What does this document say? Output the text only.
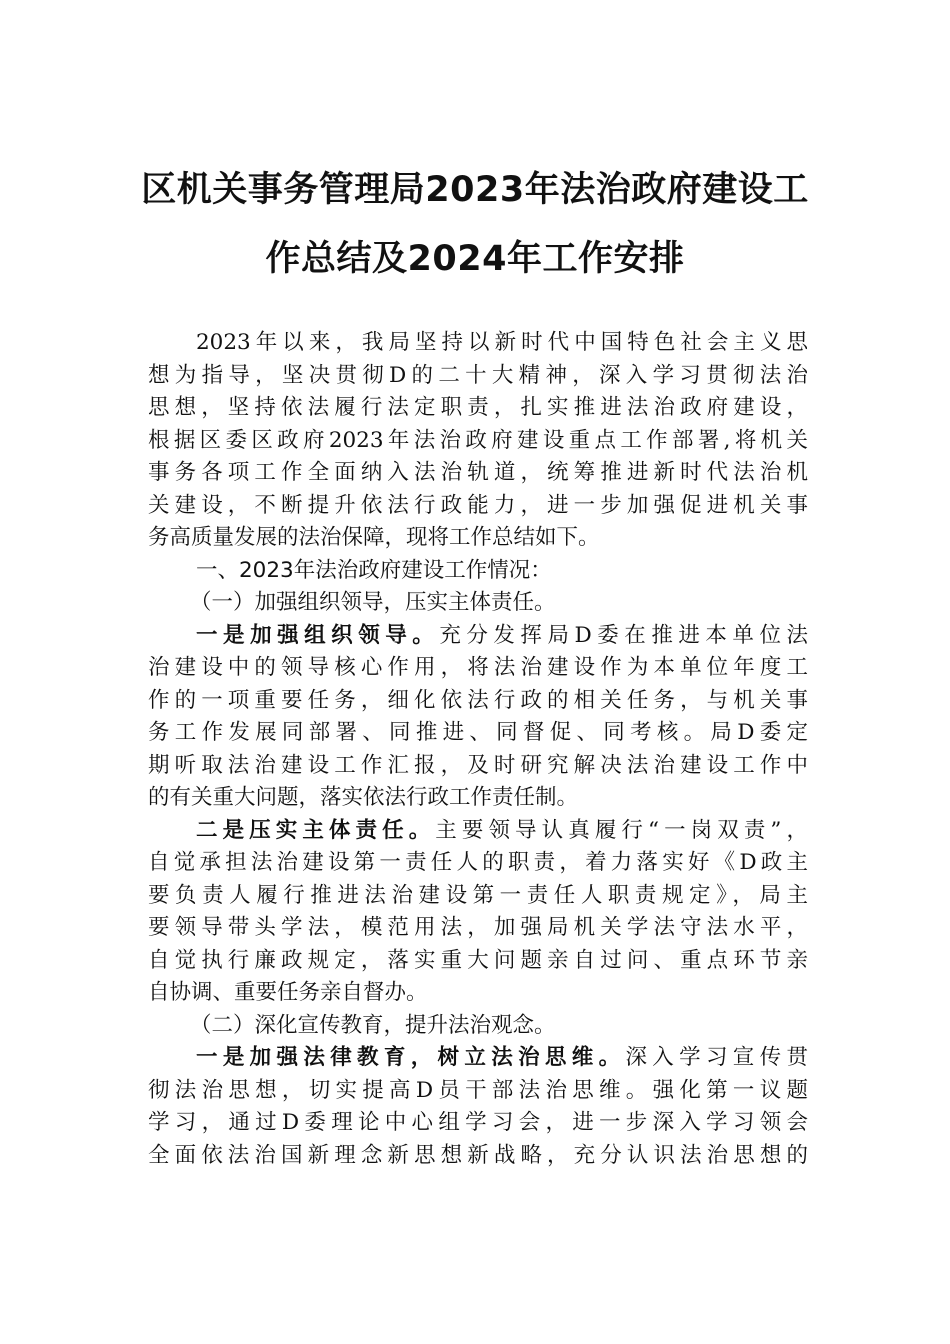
区机关事务管理局2023年法治政府建设工
作总结及2024年工作安排
2023年以来，我局坚持以新时代中国特色社会主义思
想为指导，坚决贯彻D的二十大精神，深入学习贯彻法治
思想，坚持依法履行法定职责，扎实推进法治政府建设，
根据区委区政府2023年法治政府建设重点工作部署,将机关
事务各项工作全面纳入法治轨道，统筹推进新时代法治机
关建设，不断提升依法行政能力，进一步加强促进机关事
务高质量发展的法治保障，现将工作总结如下。
一、2023年法治政府建设工作情况：
（一）加强组织领导，压实主体责任。
一是加强组织领导。充分发挥局D委在推进本单位法
治建设中的领导核心作用，将法治建设作为本单位年度工
作的一项重要任务，细化依法行政的相关任务，与机关事
务工作发展同部署、同推进、同督促、同考核。局D委定
期听取法治建设工作汇报，及时研究解决法治建设工作中
的有关重大问题，落实依法行政工作责任制。
二是压实主体责任。主要领导认真履行“一岗双责”，
自觉承担法治建设第一责任人的职责，着力落实好《D政主
要负责人履行推进法治建设第一责任人职责规定》，局主
要领导带头学法，模范用法，加强局机关学法守法水平，
自觉执行廉政规定，落实重大问题亲自过问、重点环节亲
自协调、重要任务亲自督办。
（二）深化宣传教育，提升法治观念。
一是加强法律教育，树立法治思维。深入学习宣传贯
彻法治思想，切实提高D员干部法治思维。强化第一议题
学习，通过D委理论中心组学习会，进一步深入学习领会
全面依法治国新理念新思想新战略，充分认识法治思想的
